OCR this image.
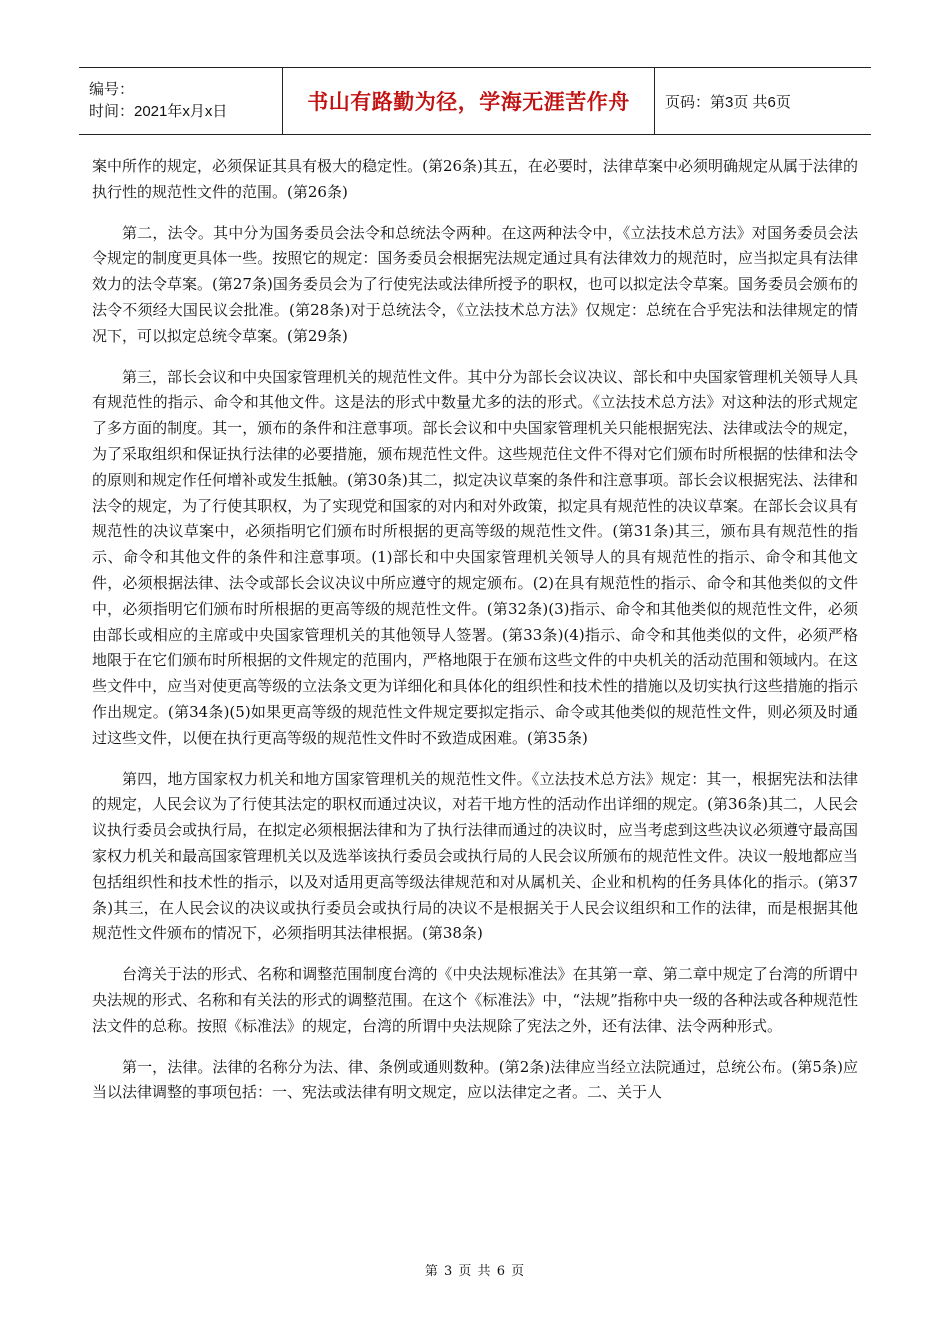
编号：
时间：2021年x月x日	书山有路勤为径，学海无涯苦作舟 页码：第3页 共6页

案中所作的规定，必须保证其具有极大的稳定性。(第26条)其五，在必要时，法律草案中必须明确规定从属于法律的执行性的规范性文件的范围。(第26条)

第二，法令。其中分为国务委员会法令和总统法令两种。在这两种法令中，《立法技术总方法》对国务委员会法令规定的制度更具体一些。按照它的规定：国务委员会根据宪法规定通过具有法律效力的规范时，应当拟定具有法律效力的法令草案。(第27条)国务委员会为了行使宪法或法律所授予的职权，也可以拟定法令草案。国务委员会颁布的法令不须经大国民议会批准。(第28条)对于总统法令，《立法技术总方法》仅规定：总统在合乎宪法和法律规定的情况下，可以拟定总统令草案。(第29条)

第三，部长会议和中央国家管理机关的规范性文件。其中分为部长会议决议、部长和中央国家管理机关领导人具有规范性的指示、命令和其他文件。这是法的形式中数量尤多的法的形式。《立法技术总方法》对这种法的形式规定了多方面的制度。其一，颁布的条件和注意事项。部长会议和中央国家管理机关只能根据宪法、法律或法令的规定，为了采取组织和保证执行法律的必要措施，颁布规范性文件。这些规范住文件不得对它们颁布时所根据的怯律和法令的原则和规定作任何增补或发生抵触。(第30条)其二，拟定决议草案的条件和注意事项。部长会议根据宪法、法律和法令的规定，为了行使其职权，为了实现党和国家的对内和对外政策，拟定具有规范性的决议草案。在部长会议具有规范性的决议草案中，必须指明它们颁布时所根据的更高等级的规范性文件。(第31条)其三，颁布具有规范性的指示、命令和其他文件的条件和注意事项。(1)部长和中央国家管理机关领导人的具有规范性的指示、命令和其他文件，必须根据法律、法令或部长会议决议中所应遵守的规定颁布。(2)在具有规范性的指示、命令和其他类似的文件中，必须指明它们颁布时所根据的更高等级的规范性文件。(第32条)(3)指示、命令和其他类似的规范性文件，必须由部长或相应的主席或中央国家管理机关的其他领导人签署。(第33条)(4)指示、命令和其他类似的文件，必须严格地限于在它们颁布时所根据的文件规定的范围内，严格地限于在颁布这些文件的中央机关的活动范围和领域内。在这些文件中，应当对使更高等级的立法条文更为详细化和具体化的组织性和技术性的措施以及切实执行这些措施的指示作出规定。(第34条)(5)如果更高等级的规范性文件规定要拟定指示、命令或其他类似的规范性文件，则必须及时通过这些文件，以便在执行更高等级的规范性文件时不致造成困难。(第35条)

第四，地方国家权力机关和地方国家管理机关的规范性文件。《立法技术总方法》规定：其一，根据宪法和法律的规定，人民会议为了行使其法定的职权而通过决议，对若干地方性的活动作出详细的规定。(第36条)其二，人民会议执行委员会或执行局，在拟定必须根据法律和为了执行法律而通过的决议时，应当考虑到这些决议必须遵守最高国家权力机关和最高国家管理机关以及选举该执行委员会或执行局的人民会议所颁布的规范性文件。决议一般地都应当包括组织性和技术性的指示，以及对适用更高等级法律规范和对从属机关、企业和机构的任务具体化的指示。(第37条)其三，在人民会议的决议或执行委员会或执行局的决议不是根据关于人民会议组织和工作的法律，而是根据其他规范性文件颁布的情况下，必须指明其法律根据。(第38条)

台湾关于法的形式、名称和调整范围制度台湾的《中央法规标准法》在其第一章、第二章中规定了台湾的所谓中央法规的形式、名称和有关法的形式的调整范围。在这个《标准法》中，“法规”指称中央一级的各种法或各种规范性法文件的总称。按照《标准法》的规定，台湾的所谓中央法规除了宪法之外，还有法律、法令两种形式。

第一，法律。法律的名称分为法、律、条例或通则数种。(第2条)法律应当经立法院通过，总统公布。(第5条)应当以法律调整的事项包括：一、宪法或法律有明文规定，应以法律定之者。二、关于人

第 3 页 共 6 页
